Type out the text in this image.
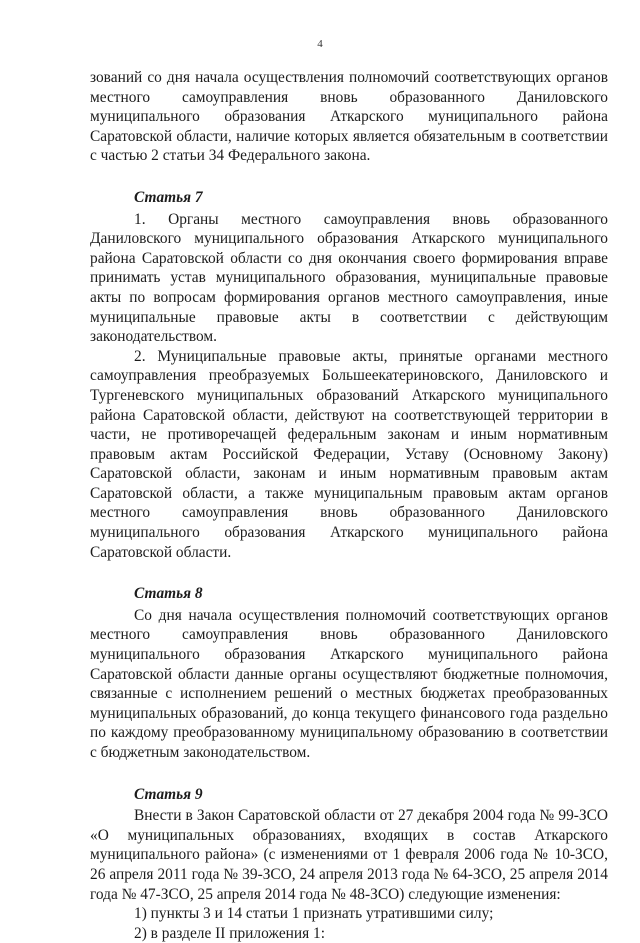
4

зований со дня начала осуществления полномочий соответствующих органов местного самоуправления вновь образованного Даниловского муниципального образования Аткарского муниципального района Саратовской области, наличие которых является обязательным в соответствии с частью 2 статьи 34 Федерального закона.

Статья 7

1. Органы местного самоуправления вновь образованного Даниловского муниципального образования Аткарского муниципального района Саратовской области со дня окончания своего формирования вправе принимать устав муниципального образования, муниципальные правовые акты по вопросам формирования органов местного самоуправления, иные муниципальные правовые акты в соответствии с действующим законодательством.

2. Муниципальные правовые акты, принятые органами местного самоуправления преобразуемых Большеекатериновского, Даниловского и Тургеневского муниципальных образований Аткарского муниципального района Саратовской области, действуют на соответствующей территории в части, не противоречащей федеральным законам и иным нормативным правовым актам Российской Федерации, Уставу (Основному Закону) Саратовской области, законам и иным нормативным правовым актам Саратовской области, а также муниципальным правовым актам органов местного самоуправления вновь образованного Даниловского муниципального образования Аткарского муниципального района Саратовской области.

Статья 8

Со дня начала осуществления полномочий соответствующих органов местного самоуправления вновь образованного Даниловского муниципального образования Аткарского муниципального района Саратовской области данные органы осуществляют бюджетные полномочия, связанные с исполнением решений о местных бюджетах преобразованных муниципальных образований, до конца текущего финансового года раздельно по каждому преобразованному муниципальному образованию в соответствии с бюджетным законодательством.

Статья 9

Внести в Закон Саратовской области от 27 декабря 2004 года № 99-ЗСО «О муниципальных образованиях, входящих в состав Аткарского муниципального района» (с изменениями от 1 февраля 2006 года № 10-ЗСО, 26 апреля 2011 года № 39-ЗСО, 24 апреля 2013 года № 64-ЗСО, 25 апреля 2014 года № 47-ЗСО, 25 апреля 2014 года № 48-ЗСО) следующие изменения:

1) пункты 3 и 14 статьи 1 признать утратившими силу;

2) в разделе II приложения 1:
